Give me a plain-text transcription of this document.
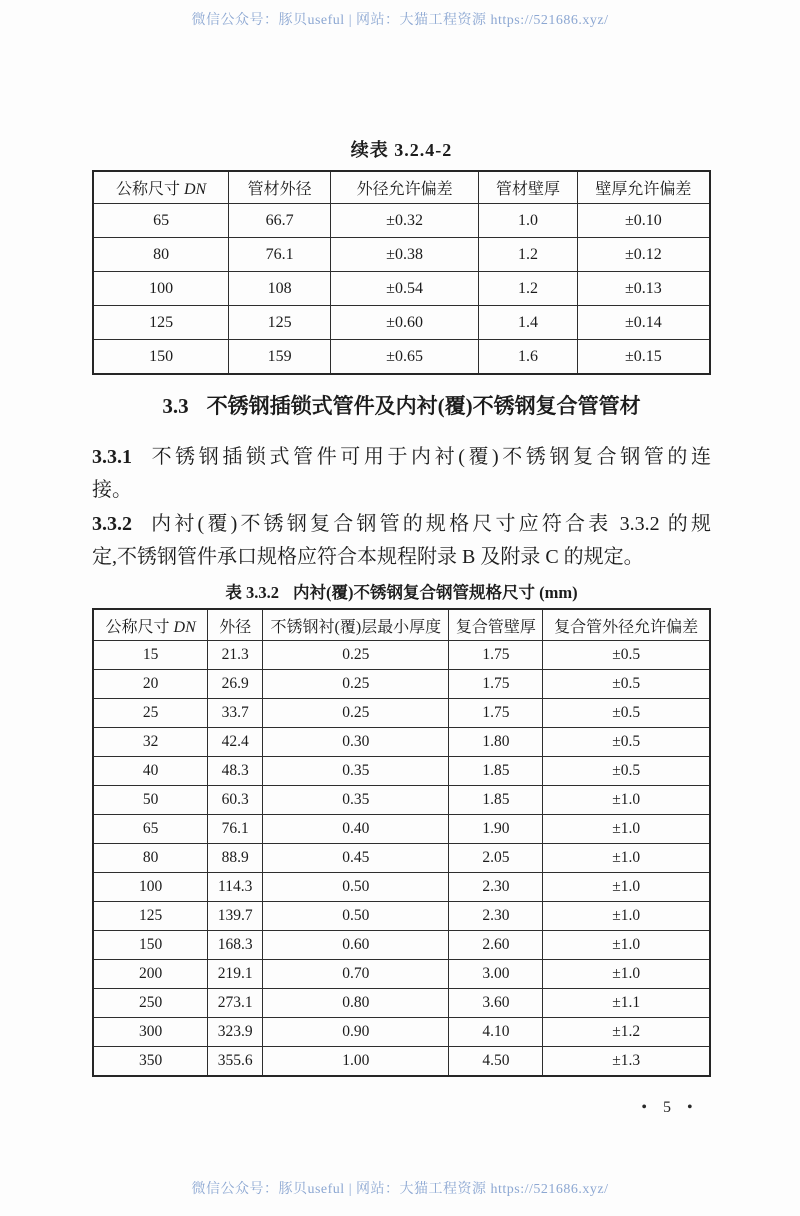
微信公众号：豚贝useful | 网站：大猫工程资源 https://521686.xyz/
续表 3.2.4-2
公称尺寸 DN	管材外径	外径允许偏差	管材壁厚	壁厚允许偏差
65	66.7	±0.32	1.0	±0.10
80	76.1	±0.38	1.2	±0.12
100	108	±0.54	1.2	±0.13
125	125	±0.60	1.4	±0.14
150	159	±0.65	1.6	±0.15
3.3 不锈钢插锁式管件及内衬(覆)不锈钢复合管管材
3.3.1 不锈钢插锁式管件可用于内衬(覆)不锈钢复合钢管的连
接。
3.3.2 内衬(覆)不锈钢复合钢管的规格尺寸应符合表 3.3.2 的规
定,不锈钢管件承口规格应符合本规程附录 B 及附录 C 的规定。
表 3.3.2 内衬(覆)不锈钢复合钢管规格尺寸 (mm)
公称尺寸 DN	外径	不锈钢衬(覆)层最小厚度	复合管壁厚	复合管外径允许偏差
15	21.3	0.25	1.75	±0.5
20	26.9	0.25	1.75	±0.5
25	33.7	0.25	1.75	±0.5
32	42.4	0.30	1.80	±0.5
40	48.3	0.35	1.85	±0.5
50	60.3	0.35	1.85	±1.0
65	76.1	0.40	1.90	±1.0
80	88.9	0.45	2.05	±1.0
100	114.3	0.50	2.30	±1.0
125	139.7	0.50	2.30	±1.0
150	168.3	0.60	2.60	±1.0
200	219.1	0.70	3.00	±1.0
250	273.1	0.80	3.60	±1.1
300	323.9	0.90	4.10	±1.2
350	355.6	1.00	4.50	±1.3
• 5 •
微信公众号：豚贝useful | 网站：大猫工程资源 https://521686.xyz/
